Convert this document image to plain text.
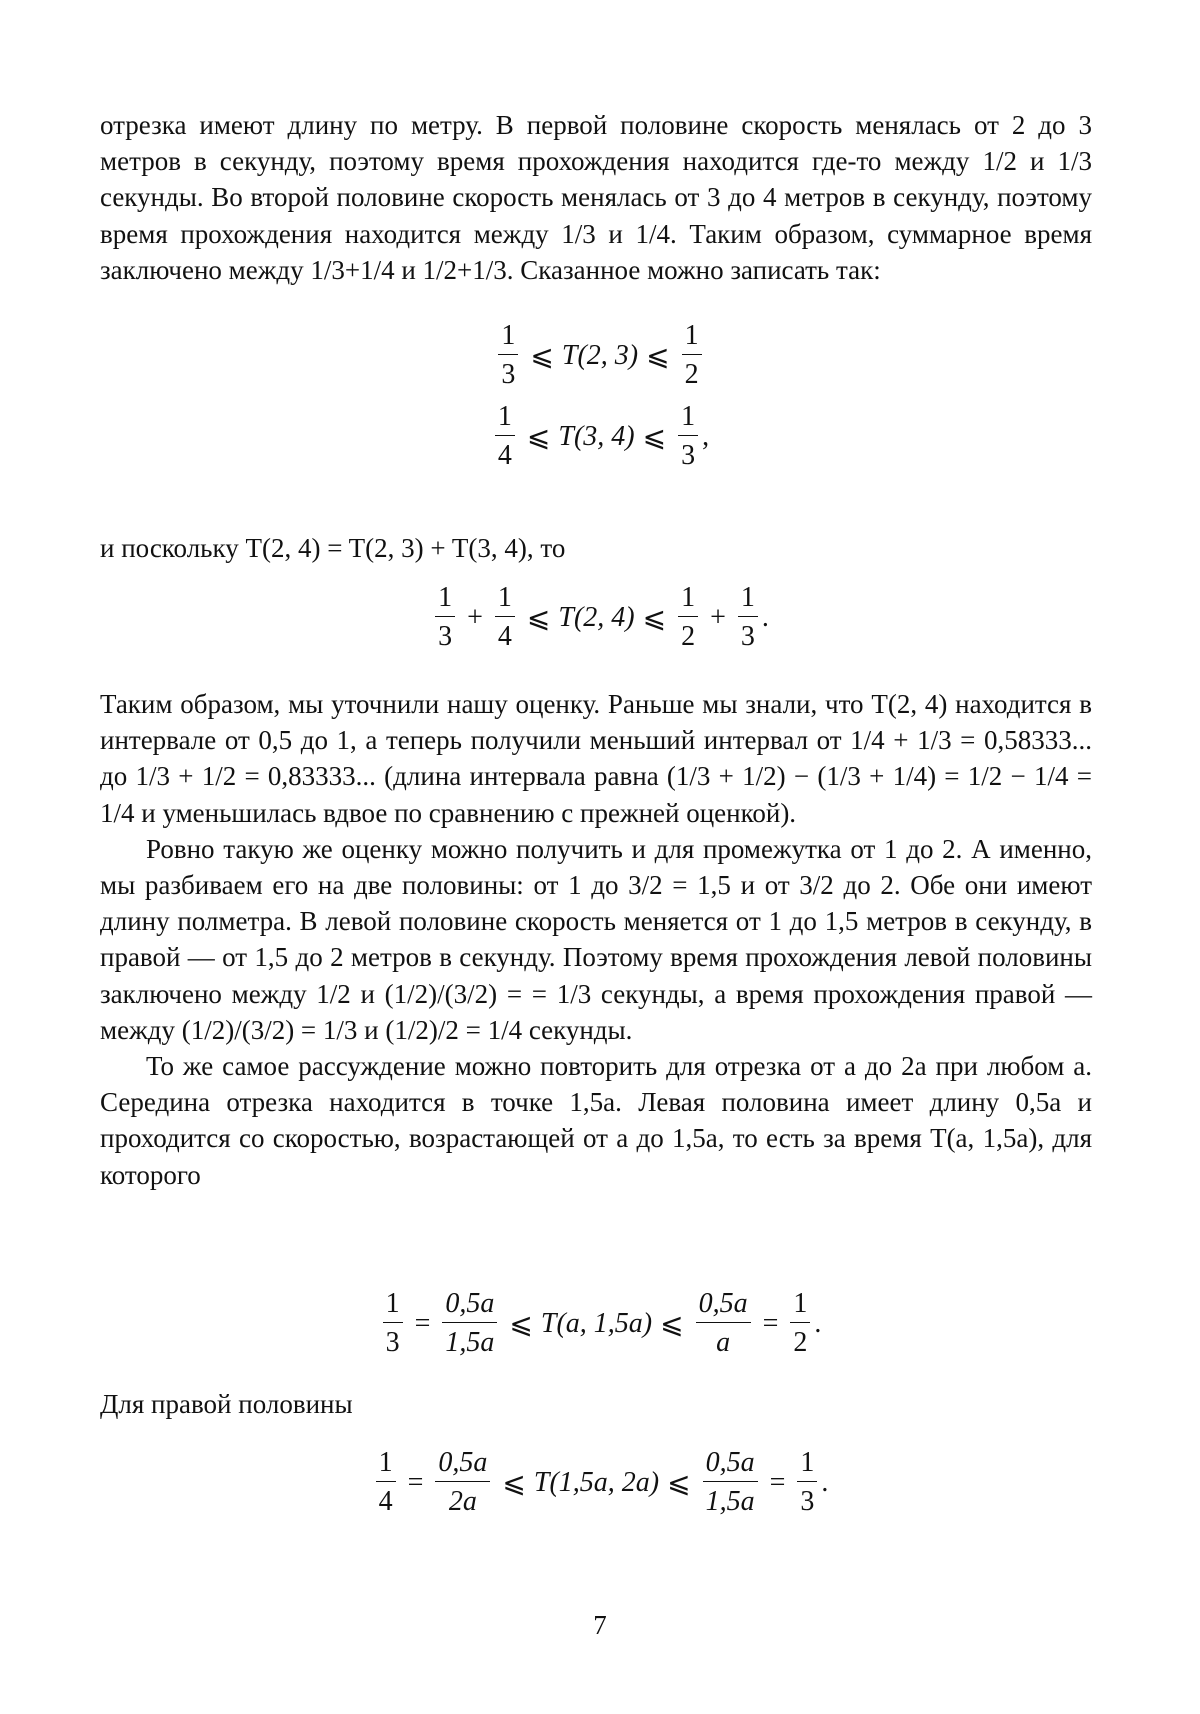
отрезка имеют длину по метру. В первой половине скорость менялась от 2 до 3 метров в секунду, поэтому время прохождения находится где-то между 1/2 и 1/3 секунды. Во второй половине скорость менялась от 3 до 4 метров в секунду, поэтому время прохождения находится между 1/3 и 1/4. Таким образом, суммарное время заключено между 1/3+1/4 и 1/2+1/3. Сказанное можно записать так:

$\frac{1}{3}$ ⩽ T(2, 3) ⩽ $\frac{1}{2}$
$\frac{1}{4}$ ⩽ T(3, 4) ⩽ $\frac{1}{3}$ ,

и поскольку T(2, 4) = T(2, 3) + T(3, 4), то

$\frac{1}{3} + \frac{1}{4}$ ⩽ T(2, 4) ⩽ $\frac{1}{2} + \frac{1}{3}$ .

Таким образом, мы уточнили нашу оценку. Раньше мы знали, что T(2, 4) находится в интервале от 0,5 до 1, а теперь получили меньший интервал от 1/4 + 1/3 = 0,58333... до 1/3 + 1/2 = 0,83333... (длина интервала равна (1/3 + 1/2) − (1/3 + 1/4) = 1/2 − 1/4 = 1/4 и уменьшилась вдвое по сравнению с прежней оценкой).

Ровно такую же оценку можно получить и для промежутка от 1 до 2. А именно, мы разбиваем его на две половины: от 1 до 3/2 = 1,5 и от 3/2 до 2. Обе они имеют длину полметра. В левой половине скорость меняется от 1 до 1,5 метров в секунду, в правой — от 1,5 до 2 метров в секунду. Поэтому время прохождения левой половины заключено между 1/2 и (1/2)/(3/2) = = 1/3 секунды, а время прохождения правой — между (1/2)/(3/2) = 1/3 и (1/2)/2 = 1/4 секунды.

То же самое рассуждение можно повторить для отрезка от a до 2a при любом a. Середина отрезка находится в точке 1,5a. Левая половина имеет длину 0,5a и проходится со скоростью, возрастающей от a до 1,5a, то есть за время T(a, 1,5a), для которого

$\frac{1}{3} = \frac{0,5a}{1,5a}$ ⩽ T(a, 1,5a) ⩽ $\frac{0,5a}{a} = \frac{1}{2}$ .

Для правой половины

$\frac{1}{4} = \frac{0,5a}{2a}$ ⩽ T(1,5a, 2a) ⩽ $\frac{0,5a}{1,5a} = \frac{1}{3}$ .
7
